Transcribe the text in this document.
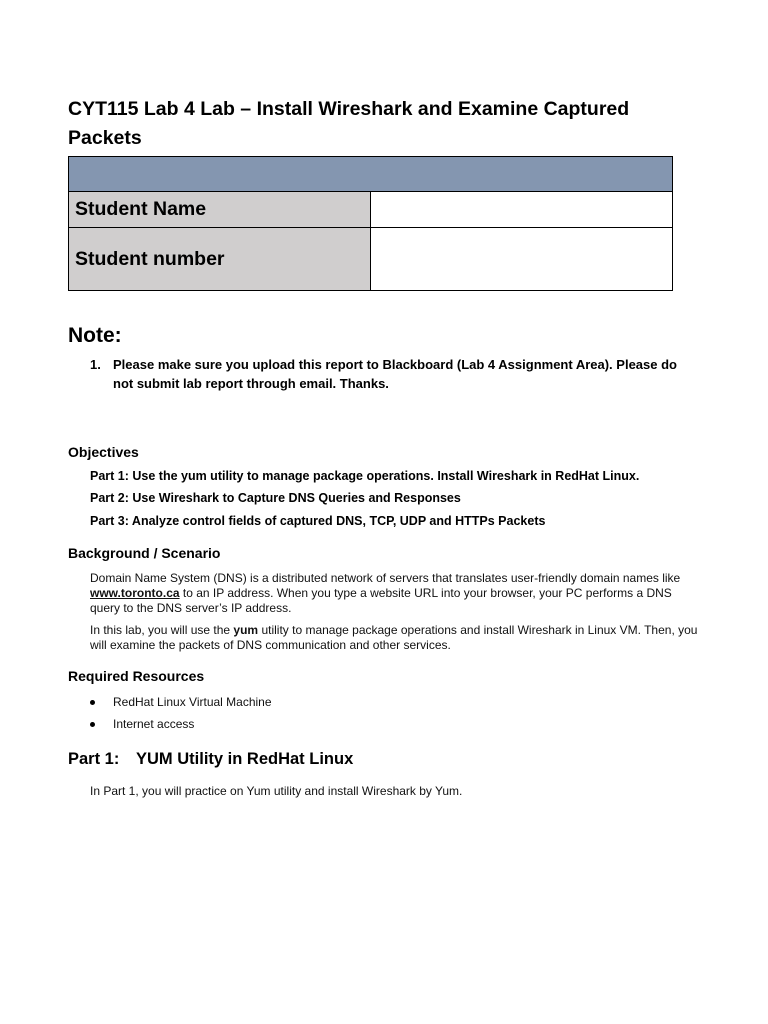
CYT115 Lab 4 Lab – Install Wireshark and Examine Captured Packets

Student Name	
Student number	
Note:
1. Please make sure you upload this report to Blackboard (Lab 4 Assignment Area). Please do not submit lab report through email. Thanks.
Objectives

Part 1: Use the yum utility to manage package operations. Install Wireshark in RedHat Linux.

Part 2: Use Wireshark to Capture DNS Queries and Responses

Part 3: Analyze control fields of captured DNS, TCP, UDP and HTTPs Packets

Background / Scenario

Domain Name System (DNS) is a distributed network of servers that translates user-friendly domain names like www.toronto.ca to an IP address. When you type a website URL into your browser, your PC performs a DNS query to the DNS server’s IP address.

In this lab, you will use the yum utility to manage package operations and install Wireshark in Linux VM. Then, you will examine the packets of DNS communication and other services.

Required Resources
RedHat Linux Virtual Machine
Internet access
Part 1: YUM Utility in RedHat Linux

In Part 1, you will practice on Yum utility and install Wireshark by Yum.
